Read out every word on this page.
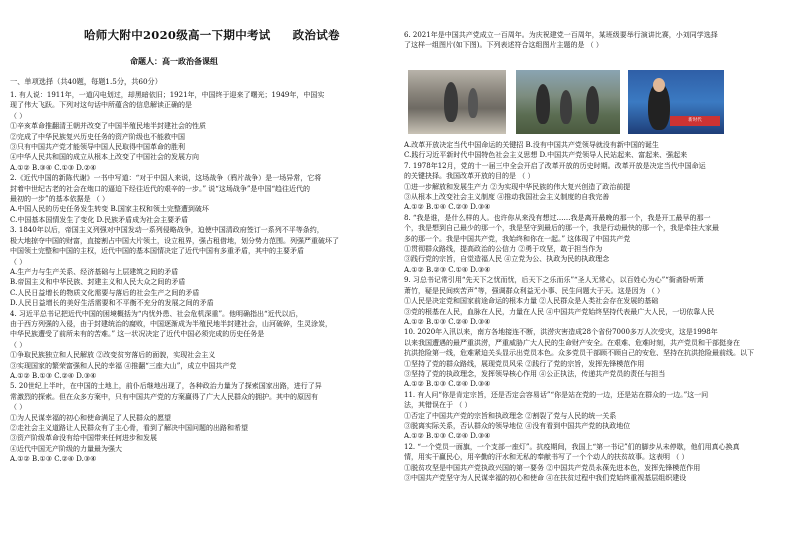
哈师大附中2020级高一下期中考试 政治试卷
命题人：高一政治备课组
一、单项选择（共40题，每题1.5分，共60分）
1. 有人说：1911年，一道闪电划过，却黑暗依旧；1921年，中国终于迎来了曙光；1949年，中国实
现了伟大飞跃。下列对这句话中所蕴含的信息解读正确的是
（ ）
①辛亥革命推翻清王朝并改变了中国半殖民地半封建社会的性质
②完成了中华民族复兴历史任务的资产阶级也不能救中国
③只有中国共产党才能领导中国人民取得中国革命的胜利
④中华人民共和国的成立从根本上改变了中国社会的发展方向
A.①② B.③④ C.①③ D.②④
2.《近代中国的新陈代谢》一书中写道：“对于中国人来说，这场战争（鸦片战争）是一场异常，它将
封着中世纪古老的社会在炮口的逼迫下经往近代的艰辛的一步。” 说“这场战争”是中国“趋往近代的
最初的一步”的基本依据是 （ ）
A.中国人民的历史任务发生转变 B.国家主权和领土完整遭到破坏
C.中国基本国情发生了变化 D.民族矛盾成为社会主要矛盾
3. 1840年以后，帝国主义列强对中国发动一系列侵略战争，迫使中国清政府签订一系列不平等条约，
极大地掠夺中国的财富，直接割占中国大片领土，设立租界，强占租借地，划分势力范围。列强严重破坏了
中国领土完整和中国的主权，近代中国的基本国情决定了近代中国有多重矛盾，其中的主要矛盾
（ ）
A.生产力与生产关系、经济基础与上层建筑之间的矛盾
B.帝国主义和中华民族、封建主义和人民大众之间的矛盾
C.人民日益增长的物质文化需要与落后的社会生产之间的矛盾
D.人民日益增长的美好生活需要和不平衡不充分的发展之间的矛盾
4. 习近平总书记把近代中国的困境概括为“内忧外患、社会危机深重”。他明确指出“近代以后，
由于西方列强的入侵，由于封建统治的腐败，中国逐渐成为半殖民地半封建社会，山河破碎，生灵涂炭，
中华民族遭受了前所未有的苦难。” 这一状况决定了近代中国必须完成的历史任务是
（ ）
①争取民族独立和人民解放 ②改变贫穷落后的面貌，实现社会主义
③实现国家的繁荣富强和人民的幸福 ④推翻“三座大山”，成立中国共产党
A.①② B.①③ C.②④ D.③④
5. 20世纪上半叶，在中国的土地上，前仆后继地出现了，各种政治力量为了探索国家出路，进行了异
常激烈的探索。但在众多方案中，只有中国共产党的方案赢得了广大人民群众的拥护。其中的原因有
（ ）
①为人民谋幸福的初心和使命满足了人民群众的愿望
②走社会主义道路让人民群众有了主心骨，看到了解决中国问题的出路和希望
③资产阶级革命没有给中国带来任何进步和发展
④近代中国无产阶级的力量最为强大
A.①② B.①③ C.②④ D.③④
6. 2021年是中国共产党成立一百周年。为庆祝建党一百周年，某班级要举行演讲比赛，小刘同学选择
了这样一组图片(如下图)。下列表述符合这组图片主题的是 （ ）
新时代
A.改革开放决定当代中国命运的关键招 B.没有中国共产党领导就没有新中国的诞生
C.践行习近平新时代中国特色社会主义思想 D.中国共产党领导人民站起来、富起来、强起来
7. 1978年12月，党的十一届三中全会开启了改革开放的历史时期。改革开放是决定当代中国命运
的关键抉择。我国改革开放的目的是 （ ）
①进一步解放和发展生产力 ②为实现中华民族的伟大复兴创造了政治前提
③从根本上改变社会主义制度 ④推动我国社会主义制度的自我完善
A.①② B.①④ C.②③ D.③④
8. “我是谁，是什么样的人。也许你从来没有想过……我是离开最晚的那一个，我是开工最早的那一
个，我是想到自己最少的那一个，我是坚守到最后的那一个，我是行动最快的那一个，我是牵挂大家最
多的那一个。我是中国共产党，我始终和你在一起。” 这体现了中国共产党
①贯彻群众路线，提高政治的公信力 ②勇于攻坚，敢于担当作为
③践行党的宗旨，自觉造福人民 ④立党为公、执政为民的执政理念
A.①② B.②③ C.①④ D.③④
9. 习总书记常引用“先天下之忧而忧，后天下之乐而乐”“圣人无常心，以百姓心为心”“衙斋卧听萧
萧竹，疑是民间疾苦声”等，强调群众利益无小事、民生问题大于天。这是因为 （ ）
①人民是决定党和国家前途命运的根本力量 ②人民群众是人类社会存在发展的基础
③党的根基在人民，血脉在人民，力量在人民 ④中国共产党始终坚持代表最广大人民，一切依靠人民
A.①② B.①③ C.②④ D.③④
10. 2020年入汛以来，南方各地接连不断，洪涝灾害造成28个省份7000多万人次受灾，这是1998年
以来我国遭遇的最严重洪涝，严重威胁广大人民的生命财产安全。在艰难、危难时刻，共产党员和干部挺身在
抗洪抢险第一线，危难紧迫关头显示出党员本色。众多党员干部顾不顾自己的安危、坚持在抗洪抢险最前线。以下
①坚持了党的群众路线，展现党员风采 ②践行了党的宗旨，发挥先锋模范作用
③坚持了党的执政理念，发挥领导核心作用 ④公正执法，传递共产党员的责任与担当
A.①② B.①③ C.②④ D.③④
11. 有人问“你是肯定宗旨，还是否定会容易话”“你是站在党的一边，还是站在群众的一边。”这一问
法，其错误在于 （ ）
①否定了中国共产党的宗旨和执政理念 ②割裂了党与人民的统一关系
③脱离实际关系，否认群众的领导地位 ④没有看到中国共产党的执政地位
A.①② B.①③ C.②④ D.③④
12. “一个党员一面旗，一个支部一座灯”。抗疫期间，我国上“第一书记”们的脚步从未停歇，他们用真心换真
情，用实干赢民心，用辛勤的汗水和无私的奉献书写了一个个动人的扶贫故事。这表明 （ ）
①脱贫攻坚是中国共产党执政兴国的第一要务 ②中国共产党员永葆先进本色，发挥先锋模范作用
③中国共产党坚守为人民谋幸福的初心和使命 ④在扶贫过程中我们党始终重视基层组织建设
